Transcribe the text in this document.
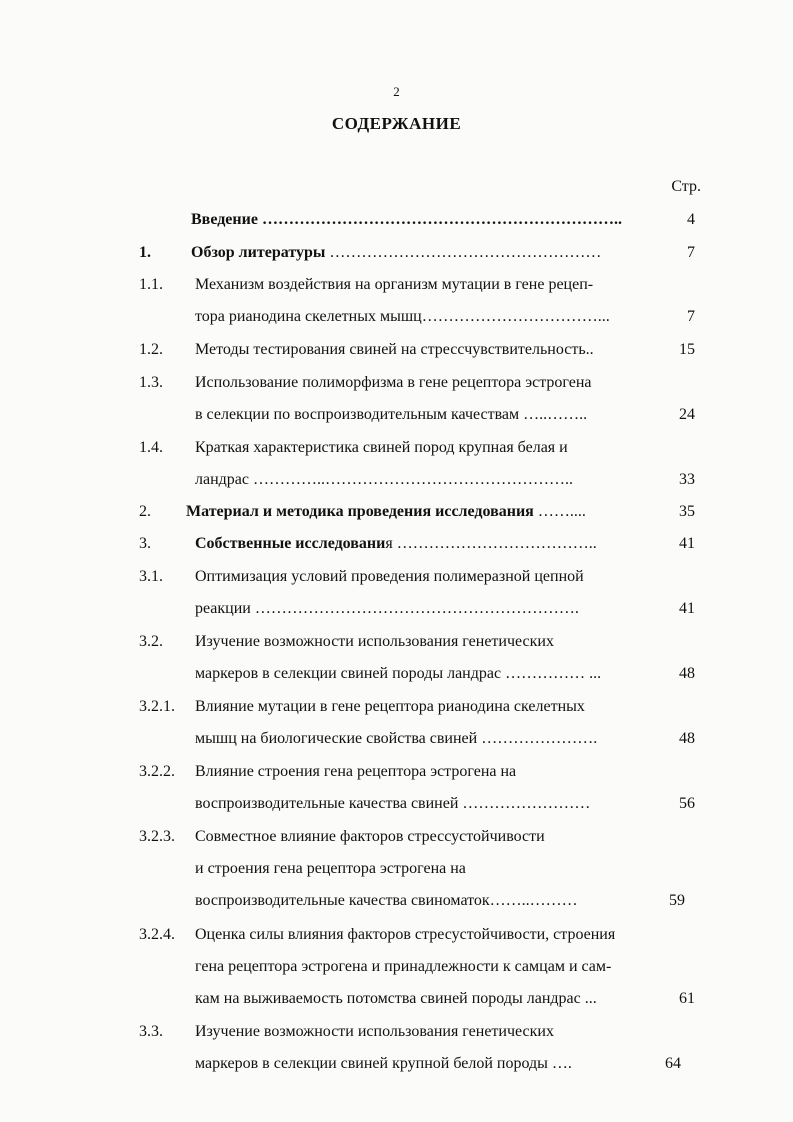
2
СОДЕРЖАНИЕ
Стр.
Введение …………………………………………………………..	4
1.	Обзор литературы ……………………………………………	7
1.1. Механизм воздействия на организм мутации в гене рецеп-
тора рианодина скелетных мышц……………………………...	7
1.2. Методы тестирования свиней на стрессчувствительность..	15
1.3. Использование полиморфизма в гене рецептора эстрогена
в селекции по воспроизводительным качествам …..……..	24
1.4. Краткая характеристика свиней пород крупная белая и
ландрас …………..………………………………………..	33
2. Материал и методика проведения исследования ……....	35
3.	Собственные исследования ………………………………..	41
3.1. Оптимизация условий проведения полимеразной цепной
реакции …………………………………………………….	41
3.2. Изучение возможности использования генетических
маркеров в селекции свиней породы ландрас …………… ...	48
3.2.1. Влияние мутации в гене рецептора рианодина скелетных
мышц на биологические свойства свиней ………………….	48
3.2.2. Влияние строения гена рецептора эстрогена на
воспроизводительные качества свиней ……………………	56
3.2.3. Совместное влияние факторов стрессустойчивости
и строения гена рецептора эстрогена на
воспроизводительные качества свиноматок……..………	59
3.2.4. Оценка силы влияния факторов стресустойчивости, строения
гена рецептора эстрогена и принадлежности к самцам и сам-
кам на выживаемость потомства свиней породы ландрас ...	61
3.3. Изучение возможности использования генетических
маркеров в селекции свиней крупной белой породы ….	64
